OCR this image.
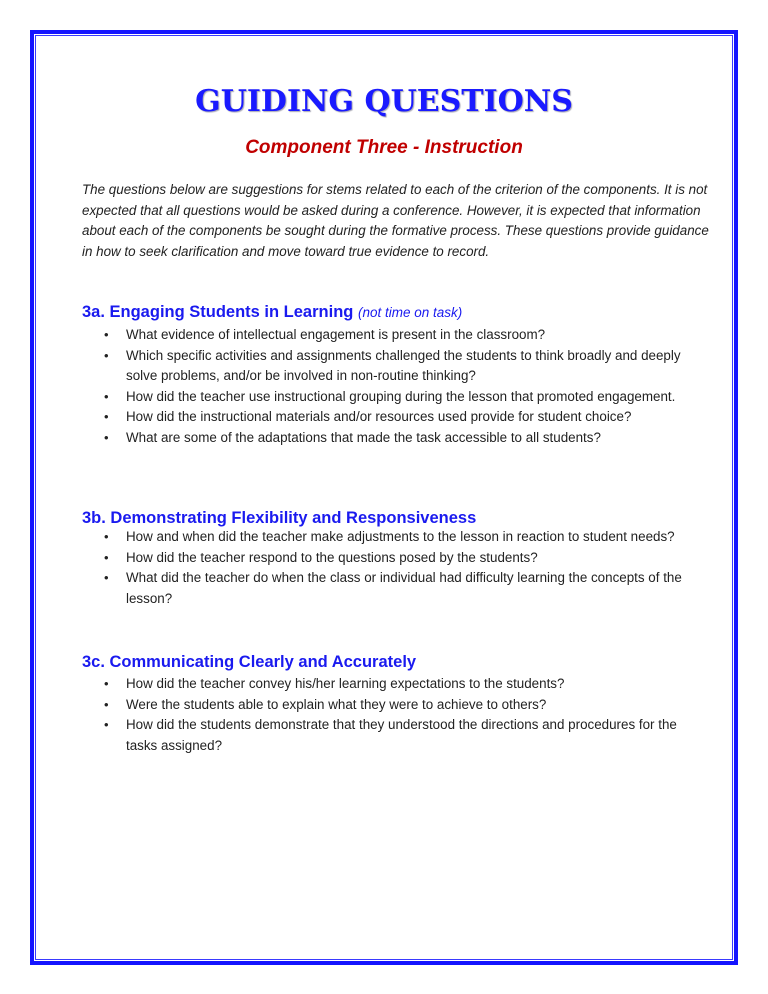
GUIDING QUESTIONS
Component Three - Instruction
The questions below are suggestions for stems related to each of the criterion of the components. It is not expected that all questions would be asked during a conference. However, it is expected that information about each of the components be sought during the formative process. These questions provide guidance in how to seek clarification and move toward true evidence to record.
3a. Engaging Students in Learning (not time on task)
• What evidence of intellectual engagement is present in the classroom?
• Which specific activities and assignments challenged the students to think broadly and deeply solve problems, and/or be involved in non-routine thinking?
• How did the teacher use instructional grouping during the lesson that promoted engagement.
• How did the instructional materials and/or resources used provide for student choice?
• What are some of the adaptations that made the task accessible to all students?
3b. Demonstrating Flexibility and Responsiveness
• How and when did the teacher make adjustments to the lesson in reaction to student needs?
• How did the teacher respond to the questions posed by the students?
• What did the teacher do when the class or individual had difficulty learning the concepts of the lesson?
3c. Communicating Clearly and Accurately
• How did the teacher convey his/her learning expectations to the students?
• Were the students able to explain what they were to achieve to others?
• How did the students demonstrate that they understood the directions and procedures for the tasks assigned?
